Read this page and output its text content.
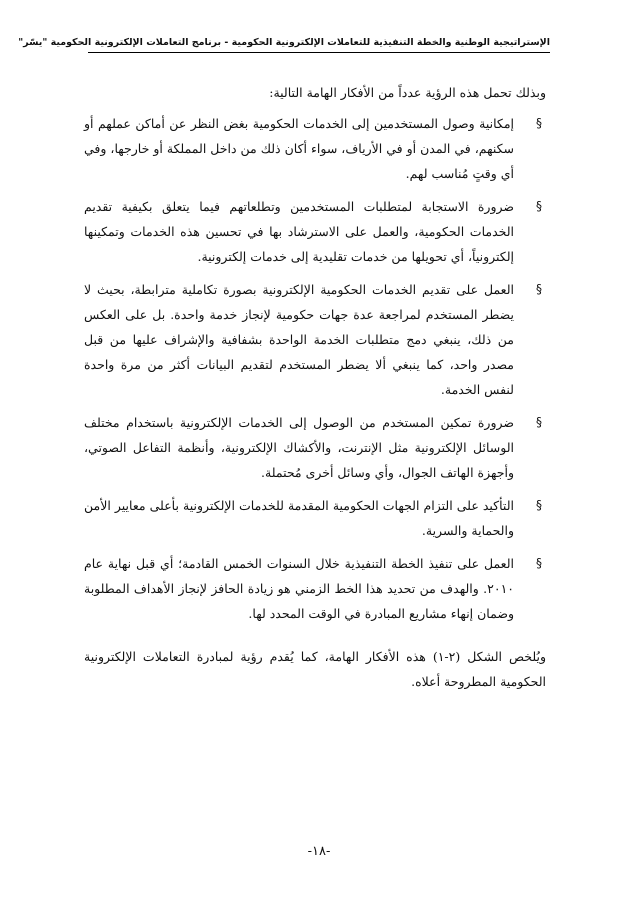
الإستراتيجية الوطنية والخطة التنفيذية للتعاملات الإلكترونية الحكومية - برنامج التعاملات الإلكترونية الحكومية "يسّر"

وبذلك تحمل هذه الرؤية عدداً من الأفكار الهامة التالية:

§
إمكانية وصول المستخدمين إلى الخدمات الحكومية بغض النظر عن أماكن عملهم أو سكنهم، في المدن أو في الأرياف، سواء أكان ذلك من داخل المملكة أو خارجها، وفي أي وقتٍ مُناسب لهم.
§
ضرورة الاستجابة لمتطلبات المستخدمين وتطلعاتهم فيما يتعلق بكيفية تقديم الخدمات الحكومية، والعمل على الاسترشاد بها في تحسين هذه الخدمات وتمكينها إلكترونياً، أي تحويلها من خدمات تقليدية إلى خدمات إلكترونية.
§
العمل على تقديم الخدمات الحكومية الإلكترونية بصورة تكاملية مترابطة، بحيث لا يضطر المستخدم لمراجعة عدة جهات حكومية لإنجاز خدمة واحدة. بل على العكس من ذلك، ينبغي دمج متطلبات الخدمة الواحدة بشفافية والإشراف عليها من قبل مصدر واحد، كما ينبغي ألا يضطر المستخدم لتقديم البيانات أكثر من مرة واحدة لنفس الخدمة.
§
ضرورة تمكين المستخدم من الوصول إلى الخدمات الإلكترونية باستخدام مختلف الوسائل الإلكترونية مثل الإنترنت، والأكشاك الإلكترونية، وأنظمة التفاعل الصوتي، وأجهزة الهاتف الجوال، وأي وسائل أخرى مُحتملة.
§
التأكيد على التزام الجهات الحكومية المقدمة للخدمات الإلكترونية بأعلى معايير الأمن والحماية والسرية.
§
العمل على تنفيذ الخطة التنفيذية خلال السنوات الخمس القادمة؛ أي قبل نهاية عام ٢٠١٠. والهدف من تحديد هذا الخط الزمني هو زيادة الحافز لإنجاز الأهداف المطلوبة وضمان إنهاء مشاريع المبادرة في الوقت المحدد لها.

ويُلخص الشكل (٢-١) هذه الأفكار الهامة، كما يُقدم رؤية لمبادرة التعاملات الإلكترونية الحكومية المطروحة أعلاه.

-١٨-
